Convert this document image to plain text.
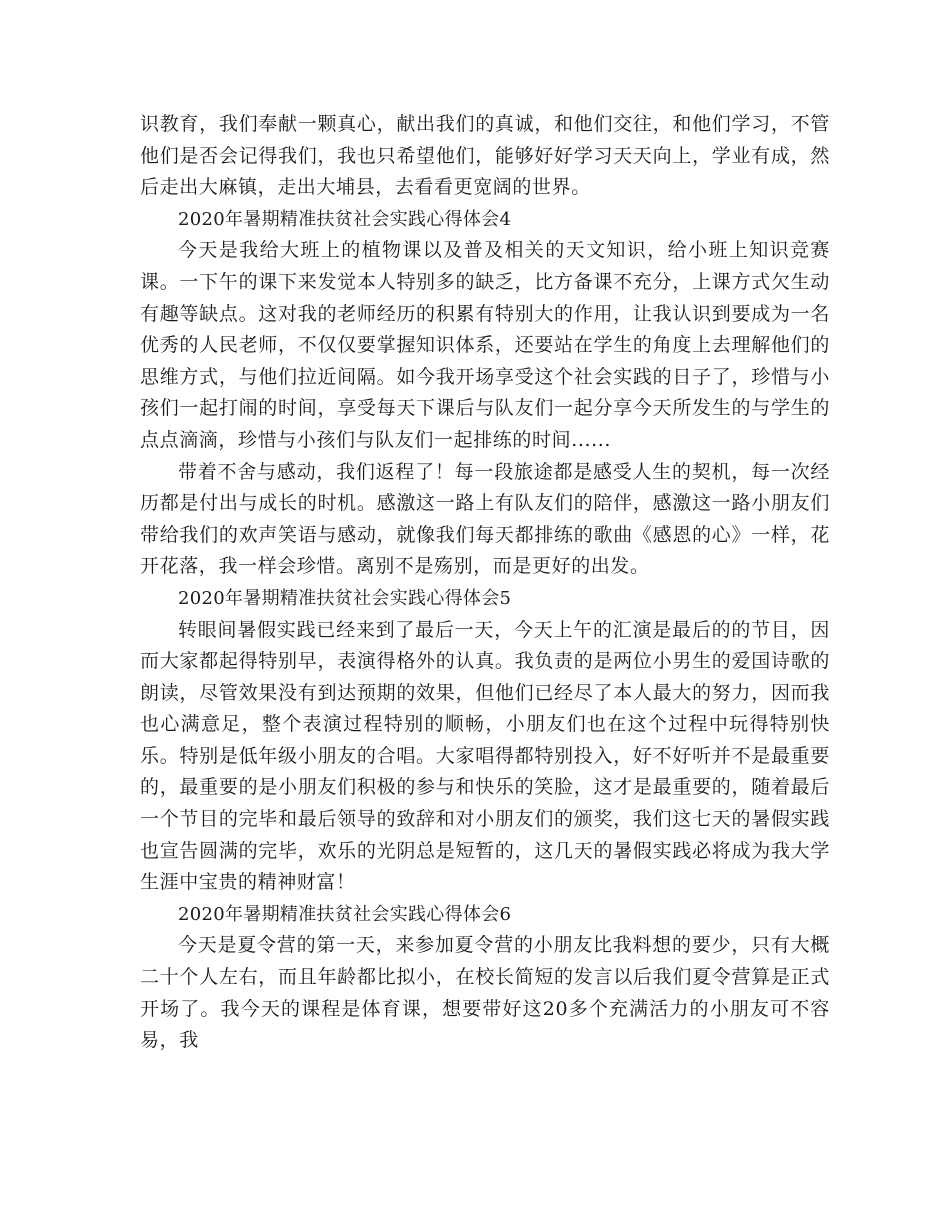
识教育，我们奉献一颗真心，献出我们的真诚，和他们交往，和他们学习，不管他们是否会记得我们，我也只希望他们，能够好好学习天天向上，学业有成，然后走出大麻镇，走出大埔县，去看看更宽阔的世界。

2020年暑期精准扶贫社会实践心得体会4

今天是我给大班上的植物课以及普及相关的天文知识，给小班上知识竞赛课。一下午的课下来发觉本人特别多的缺乏，比方备课不充分，上课方式欠生动有趣等缺点。这对我的老师经历的积累有特别大的作用，让我认识到要成为一名优秀的人民老师，不仅仅要掌握知识体系，还要站在学生的角度上去理解他们的思维方式，与他们拉近间隔。如今我开场享受这个社会实践的日子了，珍惜与小孩们一起打闹的时间，享受每天下课后与队友们一起分享今天所发生的与学生的点点滴滴，珍惜与小孩们与队友们一起排练的时间......

带着不舍与感动，我们返程了！每一段旅途都是感受人生的契机，每一次经历都是付出与成长的时机。感激这一路上有队友们的陪伴，感激这一路小朋友们带给我们的欢声笑语与感动，就像我们每天都排练的歌曲《感恩的心》一样，花开花落，我一样会珍惜。离别不是殇别，而是更好的出发。

2020年暑期精准扶贫社会实践心得体会5

转眼间暑假实践已经来到了最后一天，今天上午的汇演是最后的的节目，因而大家都起得特别早，表演得格外的认真。我负责的是两位小男生的爱国诗歌的朗读，尽管效果没有到达预期的效果，但他们已经尽了本人最大的努力，因而我也心满意足，整个表演过程特别的顺畅，小朋友们也在这个过程中玩得特别快乐。特别是低年级小朋友的合唱。大家唱得都特别投入，好不好听并不是最重要的，最重要的是小朋友们积极的参与和快乐的笑脸，这才是最重要的，随着最后一个节目的完毕和最后领导的致辞和对小朋友们的颁奖，我们这七天的暑假实践也宣告圆满的完毕，欢乐的光阴总是短暂的，这几天的暑假实践必将成为我大学生涯中宝贵的精神财富！

2020年暑期精准扶贫社会实践心得体会6

今天是夏令营的第一天，来参加夏令营的小朋友比我料想的要少，只有大概二十个人左右，而且年龄都比拟小，在校长简短的发言以后我们夏令营算是正式开场了。我今天的课程是体育课，想要带好这20多个充满活力的小朋友可不容易，我
